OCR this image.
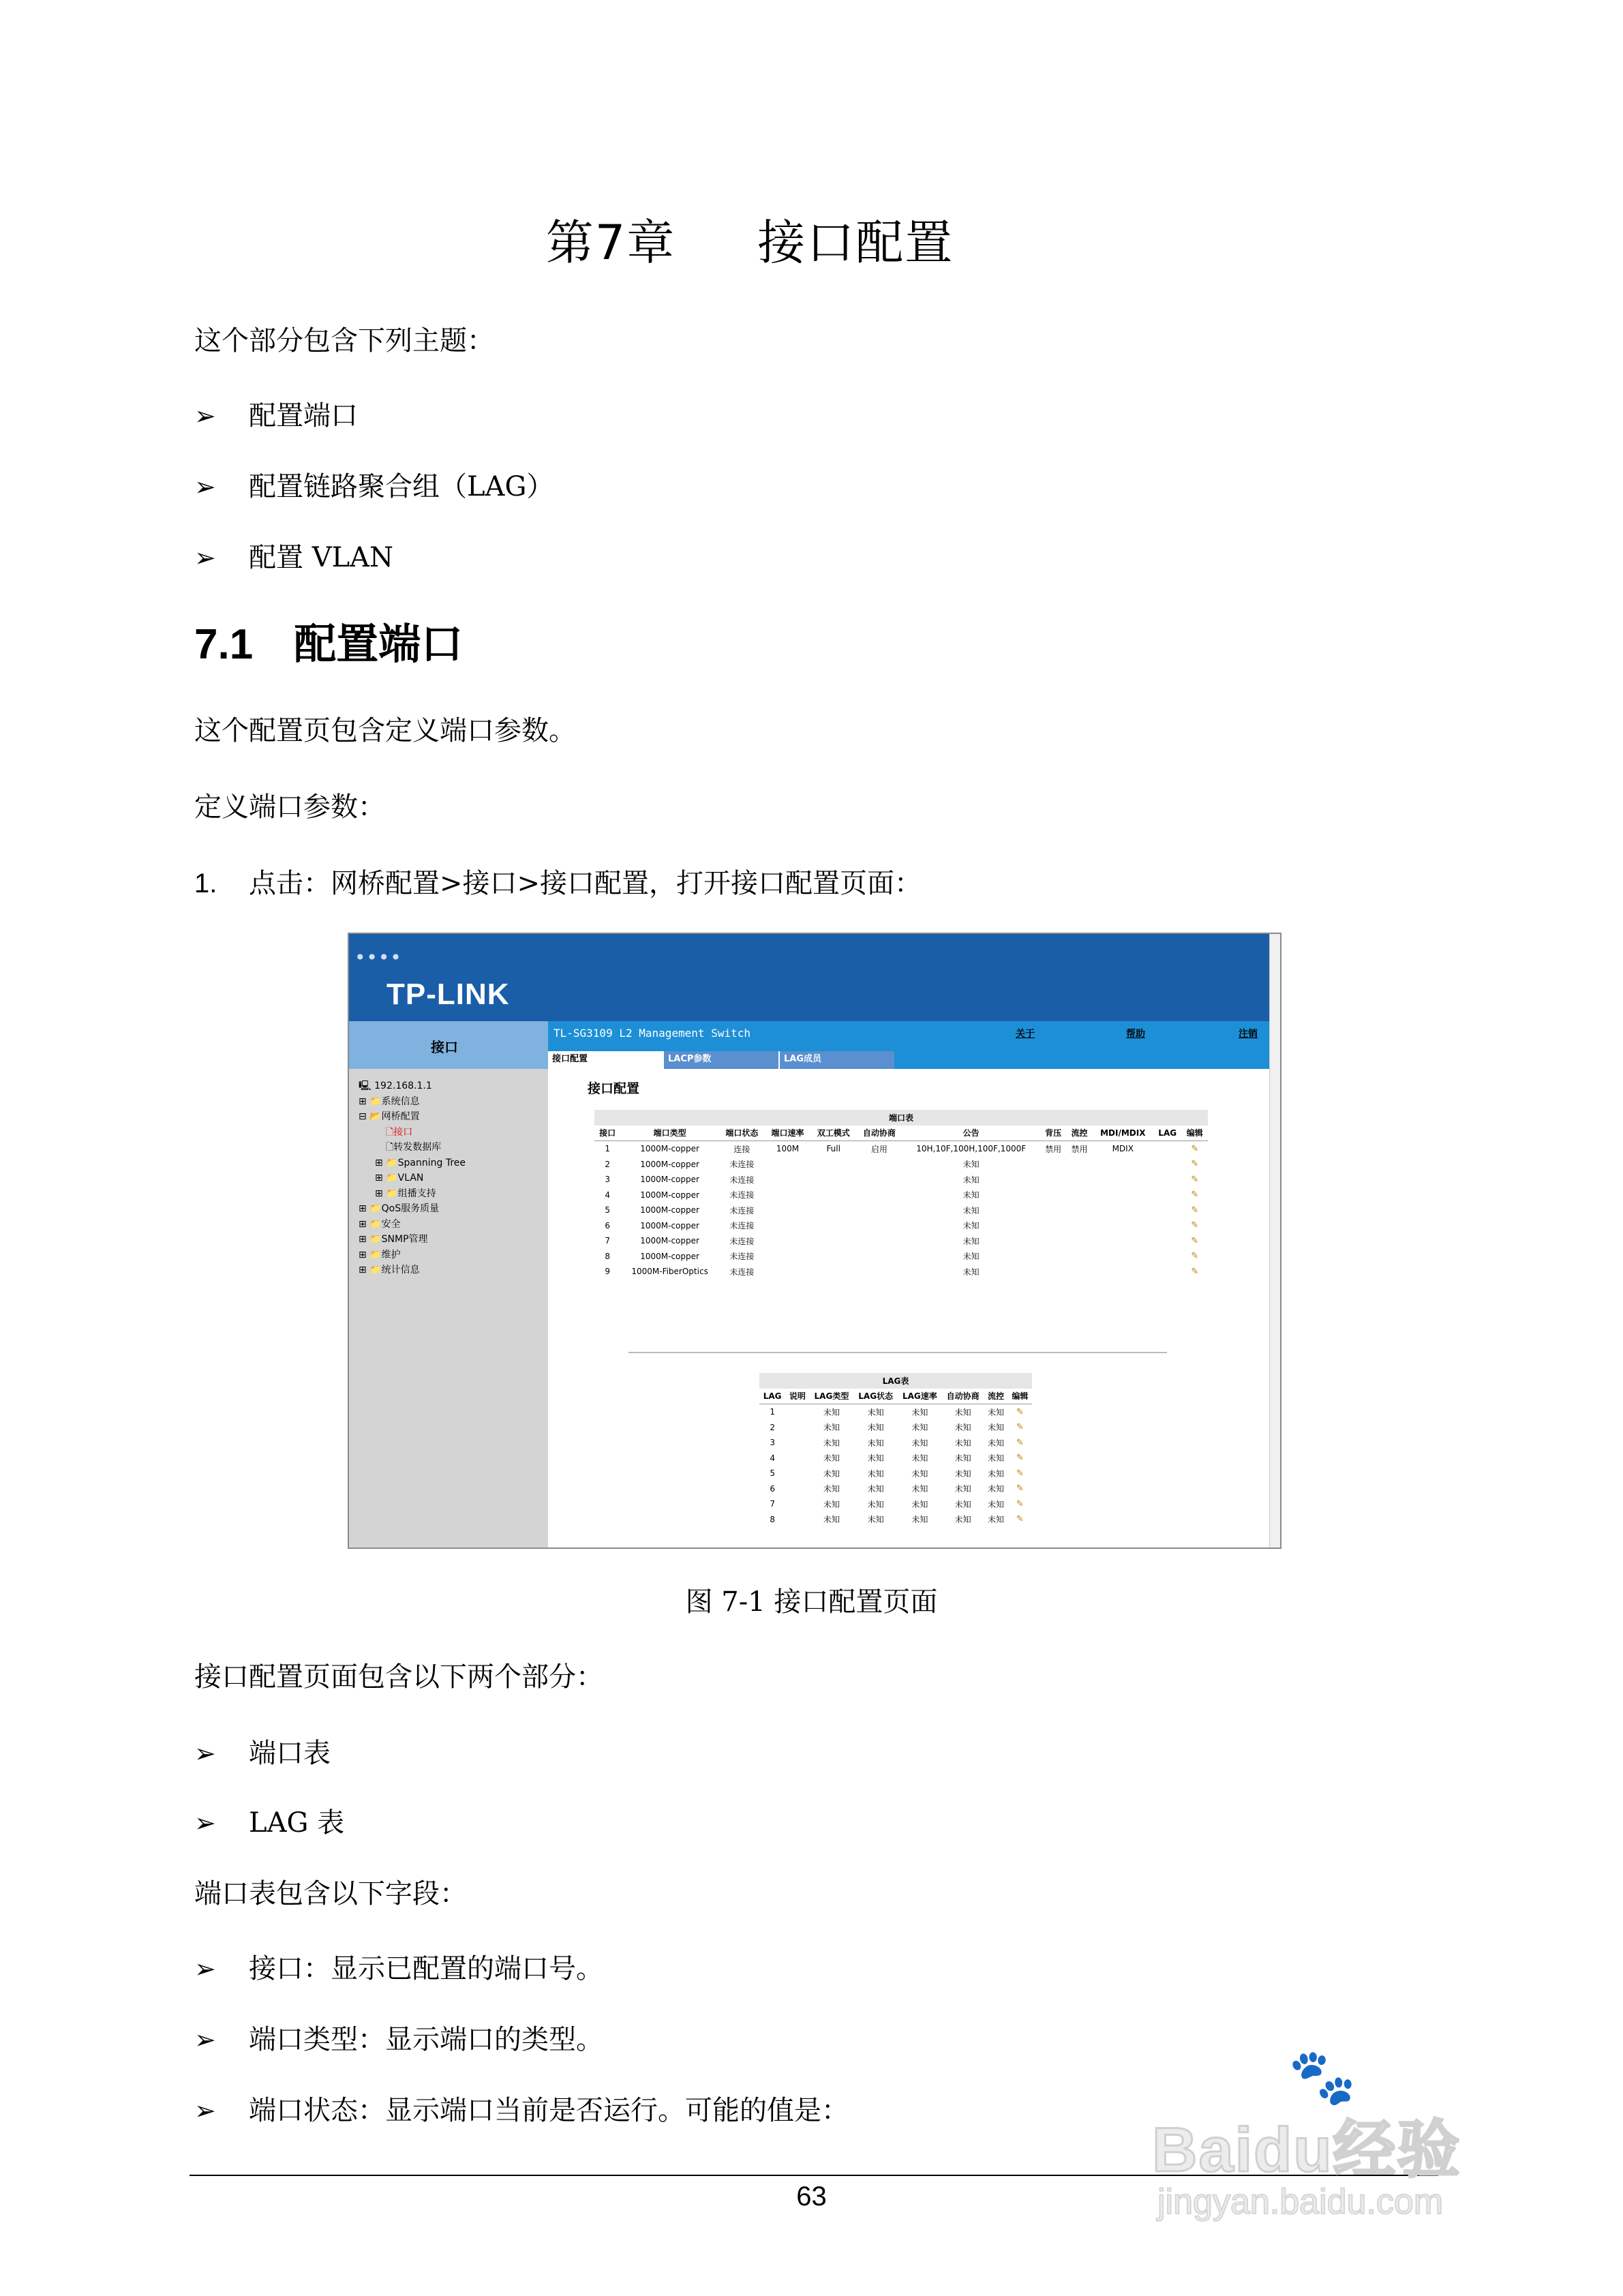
第7章 接口配置
这个部分包含下列主题：
➢ 配置端口
➢ 配置链路聚合组（LAG）
➢ 配置 VLAN
7.1 配置端口
这个配置页包含定义端口参数。
定义端口参数：
1. 点击：网桥配置>接口>接口配置，打开接口配置页面：
• • • •
TP-LINK
接口
TL-SG3109 L2 Management Switch	关于	帮助	注销
接口配置	LACP参数	LAG成员
🖳 192.168.1.1
⊞ 📁系统信息
⊟ 📂网桥配置
🗋接口
🗋转发数据库
⊞ 📁Spanning Tree
⊞ 📁VLAN
⊞ 📁组播支持
⊞ 📁QoS服务质量
⊞ 📁安全
⊞ 📁SNMP管理
⊞ 📁维护
⊞ 📁统计信息
接口配置
端口表											
接口	端口类型	端口状态	端口速率	双工模式	自动协商	公告	背压	流控	MDI/MDIX	LAG	编辑
1	1000M-copper	连接	100M	Full	启用	10H,10F,100H,100F,1000F	禁用	禁用	MDIX		✎
2	1000M-copper	未连接				未知					✎
3	1000M-copper	未连接				未知					✎
4	1000M-copper	未连接				未知					✎
5	1000M-copper	未连接				未知					✎
6	1000M-copper	未连接				未知					✎
7	1000M-copper	未连接				未知					✎
8	1000M-copper	未连接				未知					✎
9	1000M-FiberOptics	未连接				未知					✎
LAG表							
LAG	说明	LAG类型	LAG状态	LAG速率	自动协商	流控	编辑
1		未知	未知	未知	未知	未知	✎
2		未知	未知	未知	未知	未知	✎
3		未知	未知	未知	未知	未知	✎
4		未知	未知	未知	未知	未知	✎
5		未知	未知	未知	未知	未知	✎
6		未知	未知	未知	未知	未知	✎
7		未知	未知	未知	未知	未知	✎
8		未知	未知	未知	未知	未知	✎
图 7-1 接口配置页面
接口配置页面包含以下两个部分：
➢ 端口表
➢ LAG 表
端口表包含以下字段：
➢ 接口：显示已配置的端口号。
➢ 端口类型：显示端口的类型。
➢ 端口状态：显示端口当前是否运行。可能的值是：
63
🐾
Baidu经验
jingyan.baidu.com
